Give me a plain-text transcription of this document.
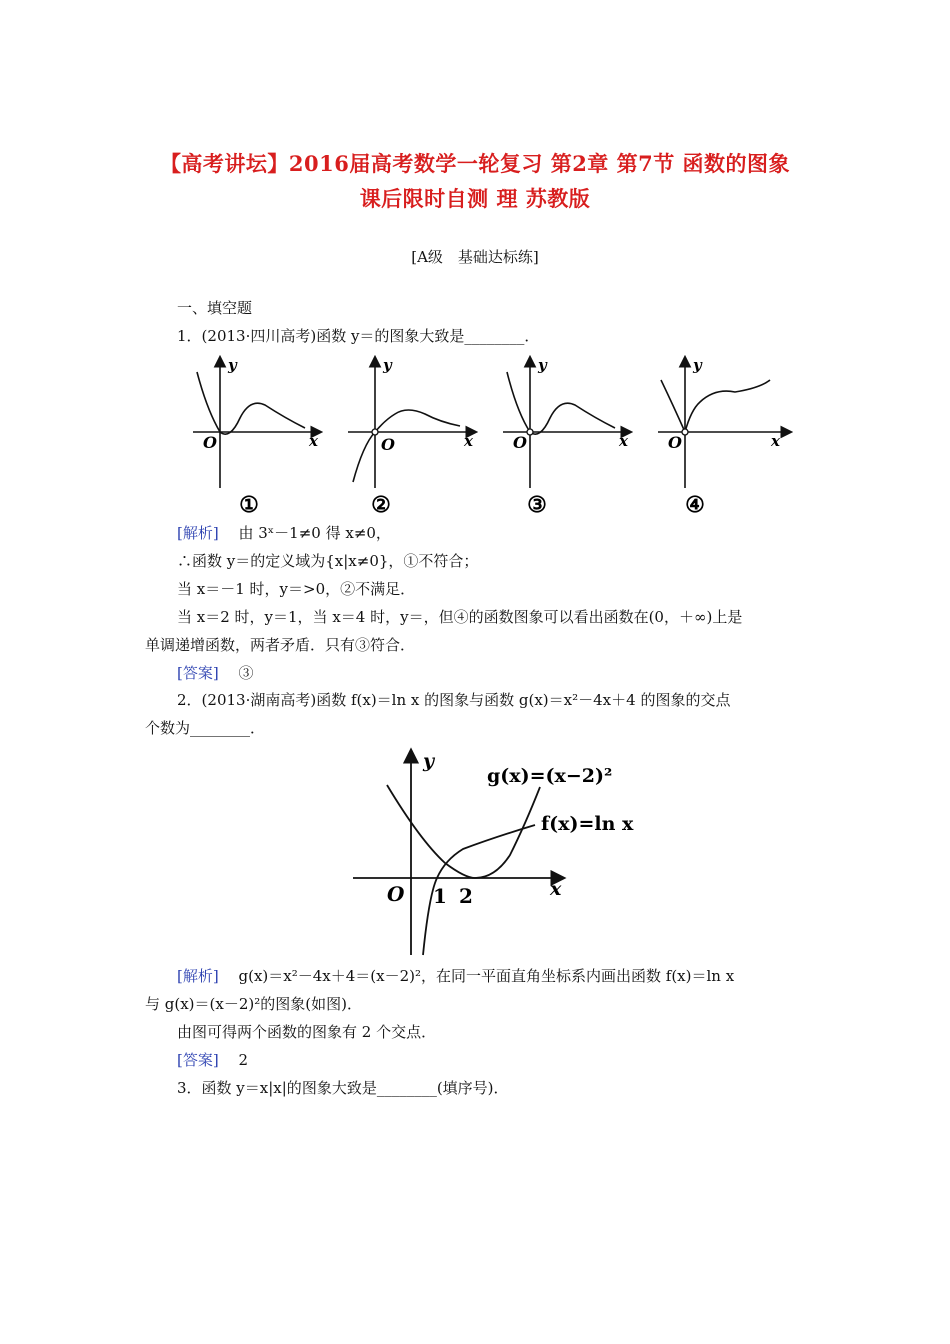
【高考讲坛】2016届高考数学一轮复习 第2章 第7节 函数的图象
课后限时自测 理 苏教版
[A级　基础达标练]
一、填空题
1．(2013·四川高考)函数 y＝的图象大致是________．
y
x
O
①
y
x
O
②
y
x
O
③
y
x
O
④
[解析]　 由 3ˣ－1≠0 得 x≠0，
∴函数 y＝的定义域为{x|x≠0}，①不符合；
当 x＝－1 时，y＝>0，②不满足．
当 x＝2 时，y＝1，当 x＝4 时，y＝，但④的函数图象可以看出函数在(0，＋∞)上是
单调递增函数，两者矛盾．只有③符合．
[答案]　 ③
2．(2013·湖南高考)函数 f(x)＝ln x 的图象与函数 g(x)＝x²－4x＋4 的图象的交点
个数为________．
y
x
O 1 2
g(x)=(x−2)²
f(x)=ln x
[解析]　 g(x)＝x²－4x＋4＝(x－2)²，在同一平面直角坐标系内画出函数 f(x)＝ln x
与 g(x)＝(x－2)²的图象(如图)．
由图可得两个函数的图象有 2 个交点．
[答案]　 2
3．函数 y＝x|x|的图象大致是________(填序号)．
